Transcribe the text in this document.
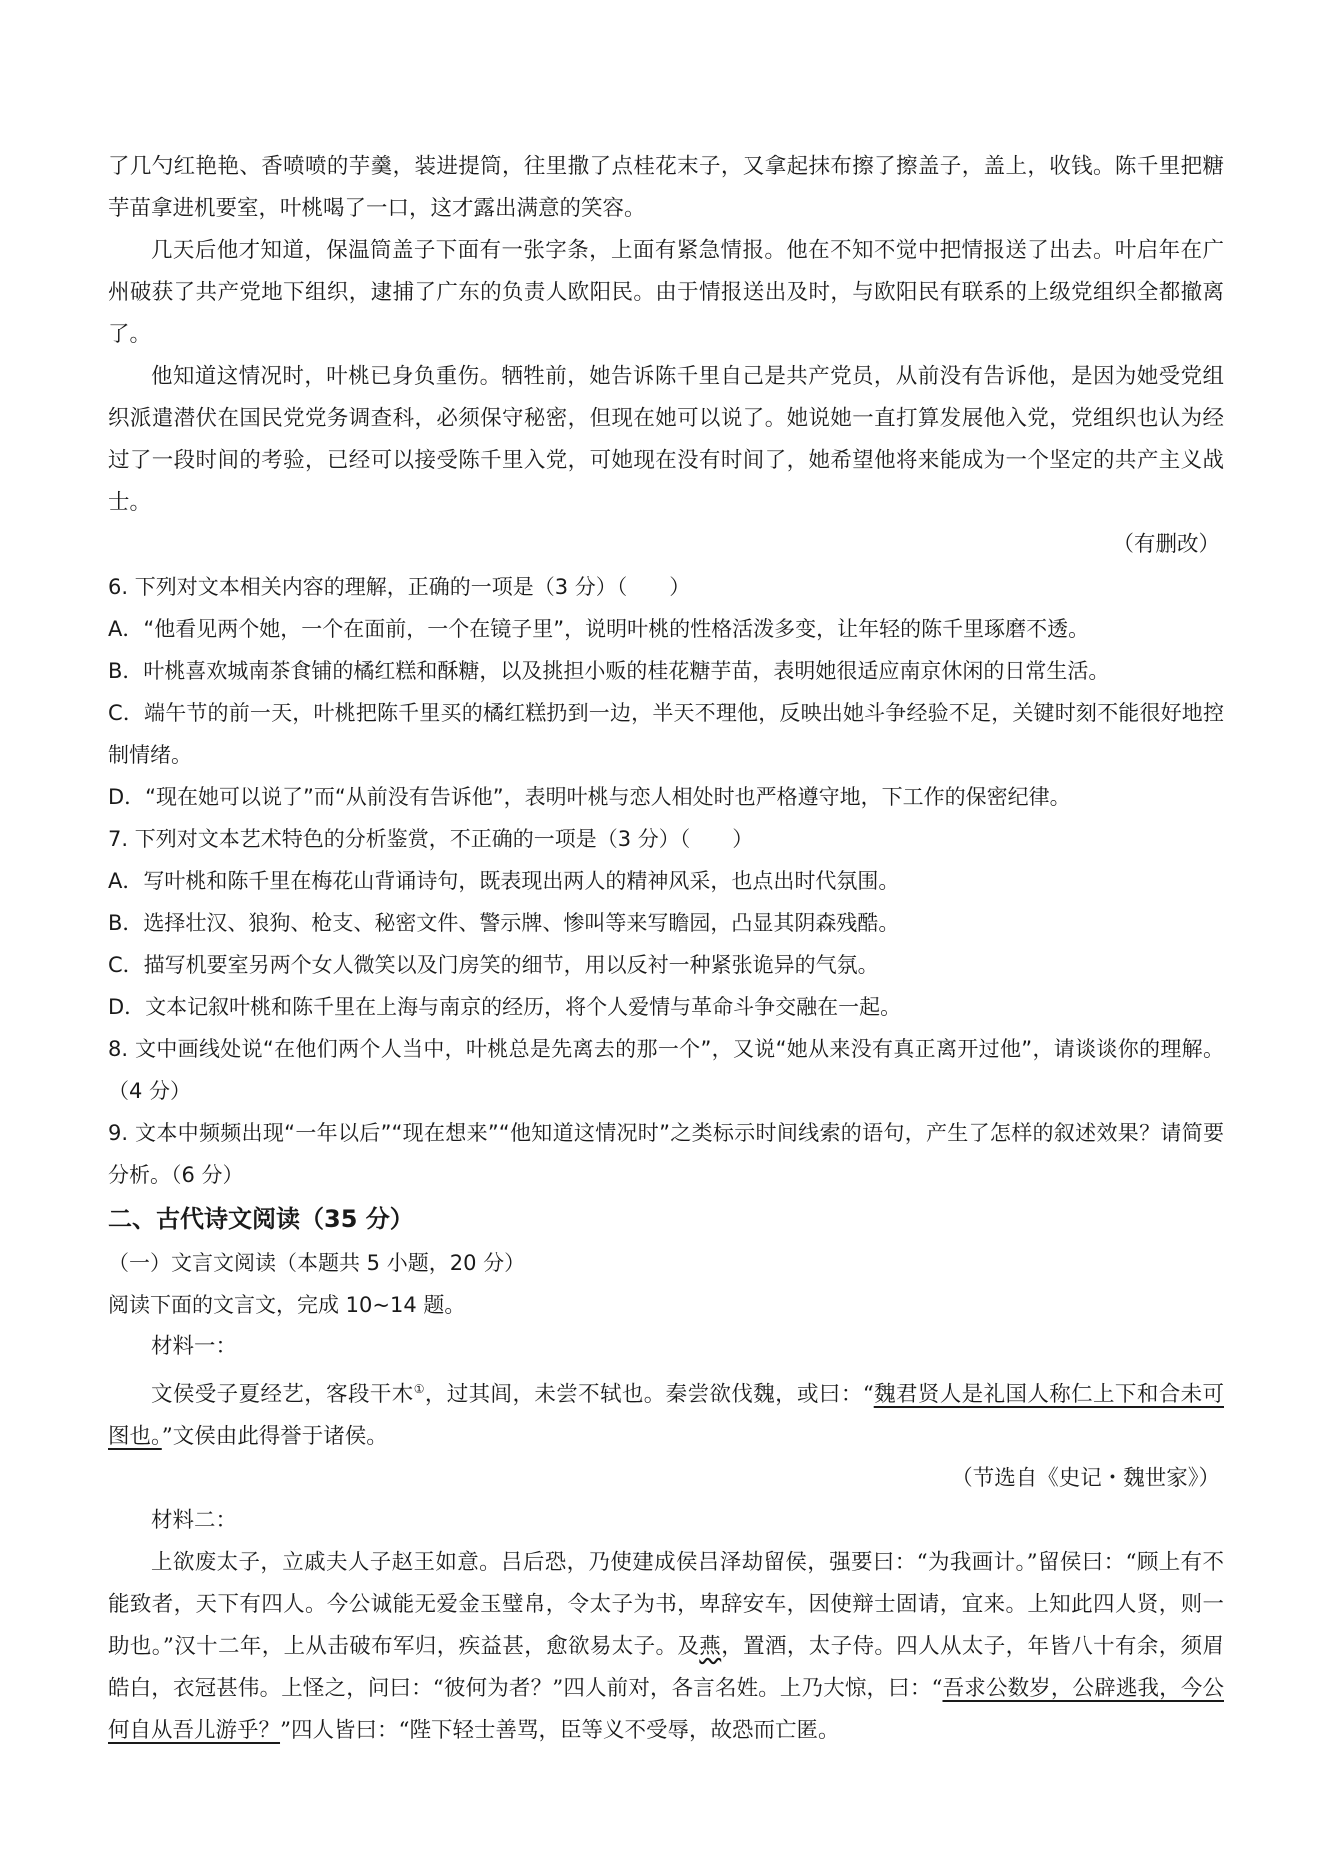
了几勺红艳艳、香喷喷的芋羹，装进提筒，往里撒了点桂花末子，又拿起抹布擦了擦盖子，盖上，收钱。陈千里把糖芋苗拿进机要室，叶桃喝了一口，这才露出满意的笑容。

几天后他才知道，保温筒盖子下面有一张字条，上面有紧急情报。他在不知不觉中把情报送了出去。叶启年在广州破获了共产党地下组织，逮捕了广东的负责人欧阳民。由于情报送出及时，与欧阳民有联系的上级党组织全都撤离了。

他知道这情况时，叶桃已身负重伤。牺牲前，她告诉陈千里自己是共产党员，从前没有告诉他，是因为她受党组织派遣潜伏在国民党党务调查科，必须保守秘密，但现在她可以说了。她说她一直打算发展他入党，党组织也认为经过了一段时间的考验，已经可以接受陈千里入党，可她现在没有时间了，她希望他将来能成为一个坚定的共产主义战士。

（有删改）

6. 下列对文本相关内容的理解，正确的一项是（3 分）（　　）

A．“他看见两个她，一个在面前，一个在镜子里”，说明叶桃的性格活泼多变，让年轻的陈千里琢磨不透。

B．叶桃喜欢城南茶食铺的橘红糕和酥糖，以及挑担小贩的桂花糖芋苗，表明她很适应南京休闲的日常生活。

C．端午节的前一天，叶桃把陈千里买的橘红糕扔到一边，半天不理他，反映出她斗争经验不足，关键时刻不能很好地控制情绪。

D．“现在她可以说了”而“从前没有告诉他”，表明叶桃与恋人相处时也严格遵守地，下工作的保密纪律。

7. 下列对文本艺术特色的分析鉴赏，不正确的一项是（3 分）（　　）

A．写叶桃和陈千里在梅花山背诵诗句，既表现出两人的精神风采，也点出时代氛围。

B．选择壮汉、狼狗、枪支、秘密文件、警示牌、惨叫等来写瞻园，凸显其阴森残酷。

C．描写机要室另两个女人微笑以及门房笑的细节，用以反衬一种紧张诡异的气氛。

D．文本记叙叶桃和陈千里在上海与南京的经历，将个人爱情与革命斗争交融在一起。

8. 文中画线处说“在他们两个人当中，叶桃总是先离去的那一个”，又说“她从来没有真正离开过他”，请谈谈你的理解。（4 分）

9. 文本中频频出现“一年以后”“现在想来”“他知道这情况时”之类标示时间线索的语句，产生了怎样的叙述效果？请简要分析。（6 分）

二、古代诗文阅读（35 分）

（一）文言文阅读（本题共 5 小题，20 分）

阅读下面的文言文，完成 10~14 题。

材料一：

文侯受子夏经艺，客段干木①，过其闾，未尝不轼也。秦尝欲伐魏，或曰：“魏君贤人是礼国人称仁上下和合未可图也。”文侯由此得誉于诸侯。

（节选自《史记・魏世家》）

材料二：

上欲废太子，立戚夫人子赵王如意。吕后恐，乃使建成侯吕泽劫留侯，强要曰：“为我画计。”留侯曰：“顾上有不能致者，天下有四人。今公诚能无爱金玉璧帛，令太子为书，卑辞安车，因使辩士固请，宜来。上知此四人贤，则一助也。”汉十二年，上从击破布军归，疾益甚，愈欲易太子。及燕，置酒，太子侍。四人从太子，年皆八十有余，须眉皓白，衣冠甚伟。上怪之，问曰：“彼何为者？”四人前对，各言名姓。上乃大惊，曰：“吾求公数岁，公辟逃我，今公何自从吾儿游乎？”四人皆曰：“陛下轻士善骂，臣等义不受辱，故恐而亡匿。
